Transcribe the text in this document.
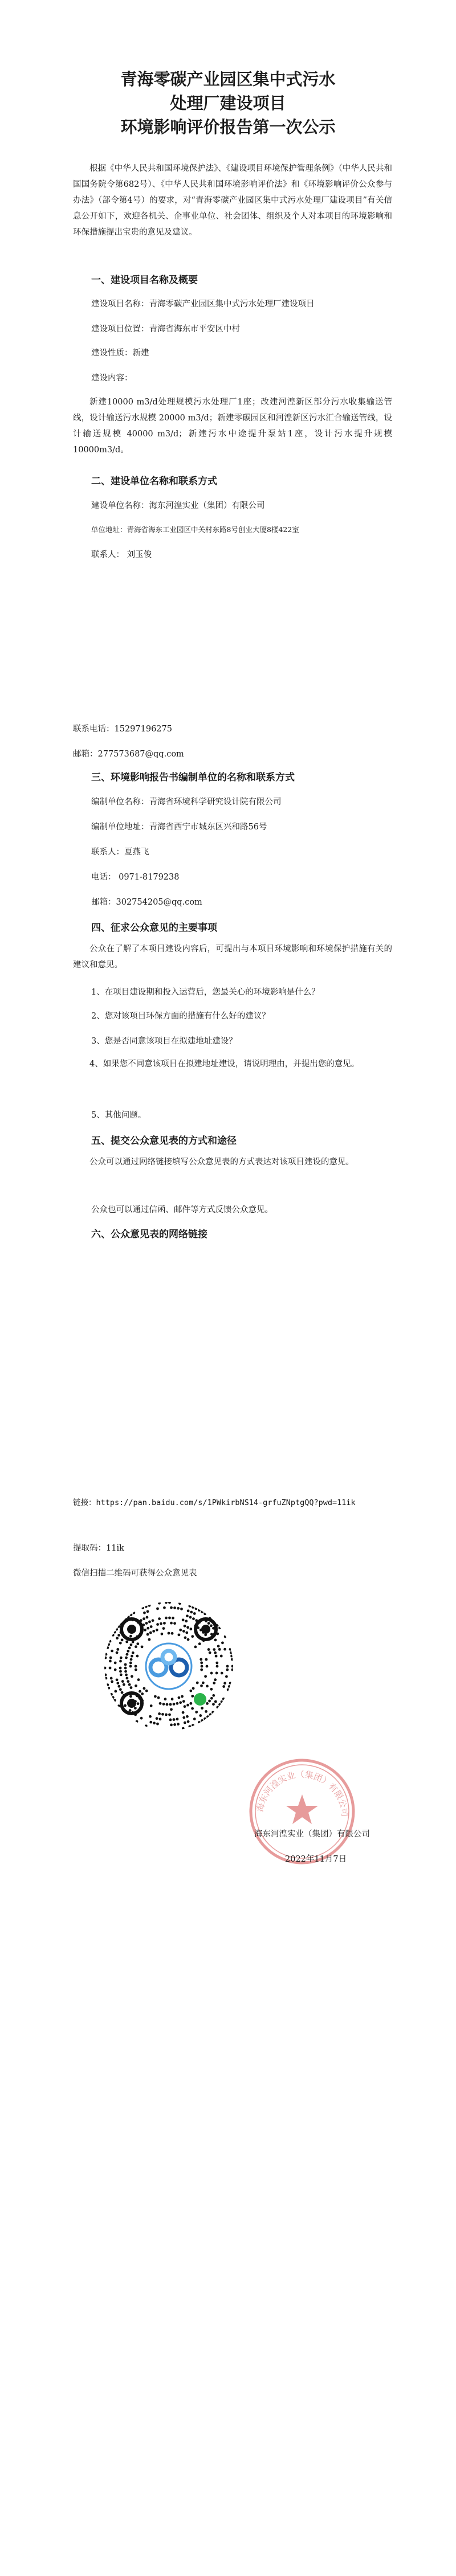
青海零碳产业园区集中式污水
处理厂建设项目
环境影响评价报告第一次公示
根据《中华人民共和国环境保护法》、《建设项目环境保护管理条例》（中华人民共和国国务院令第682号）、《中华人民共和国环境影响评价法》和《环境影响评价公众参与办法》（部令第4号）的要求，对“青海零碳产业园区集中式污水处理厂建设项目”有关信息公开如下，欢迎各机关、企事业单位、社会团体、组织及个人对本项目的环境影响和环保措施提出宝贵的意见及建议。
一、建设项目名称及概要
建设项目名称：青海零碳产业园区集中式污水处理厂建设项目
建设项目位置：青海省海东市平安区中村
建设性质：新建
建设内容：
新建10000 m3/d处理规模污水处理厂1座；改建河湟新区部分污水收集输送管线，设计输送污水规模 20000 m3/d；新建零碳园区和河湟新区污水汇合输送管线，设计输送规模 40000 m3/d；新建污水中途提升泵站1座，设计污水提升规模10000m3/d。
二、建设单位名称和联系方式
建设单位名称：海东河湟实业（集团）有限公司
单位地址：青海省海东工业园区中关村东路8号创业大厦8楼422室
联系人： 刘玉俊
联系电话：15297196275
邮箱：277573687@qq.com
三、环境影响报告书编制单位的名称和联系方式
编制单位名称：青海省环境科学研究设计院有限公司
编制单位地址：青海省西宁市城东区兴和路56号
联系人：夏燕飞
电话： 0971-8179238
邮箱：302754205@qq.com
四、征求公众意见的主要事项
公众在了解了本项目建设内容后，可提出与本项目环境影响和环境保护措施有关的建议和意见。
1、在项目建设期和投入运营后，您最关心的环境影响是什么？
2、您对该项目环保方面的措施有什么好的建议？
3、您是否同意该项目在拟建地址建设？
4、如果您不同意该项目在拟建地址建设，请说明理由，并提出您的意见。
5、其他问题。
五、提交公众意见表的方式和途径
公众可以通过网络链接填写公众意见表的方式表达对该项目建设的意见。
公众也可以通过信函、邮件等方式反馈公众意见。
六、公众意见表的网络链接
链接：https://pan.baidu.com/s/1PWkirbNS14-grfuZNptgQQ?pwd=11ik
提取码：11ik
微信扫描二维码可获得公众意见表
海东河湟实业（集团）有限公司
海东河湟实业（集团）有限公司
2022年11月7日
